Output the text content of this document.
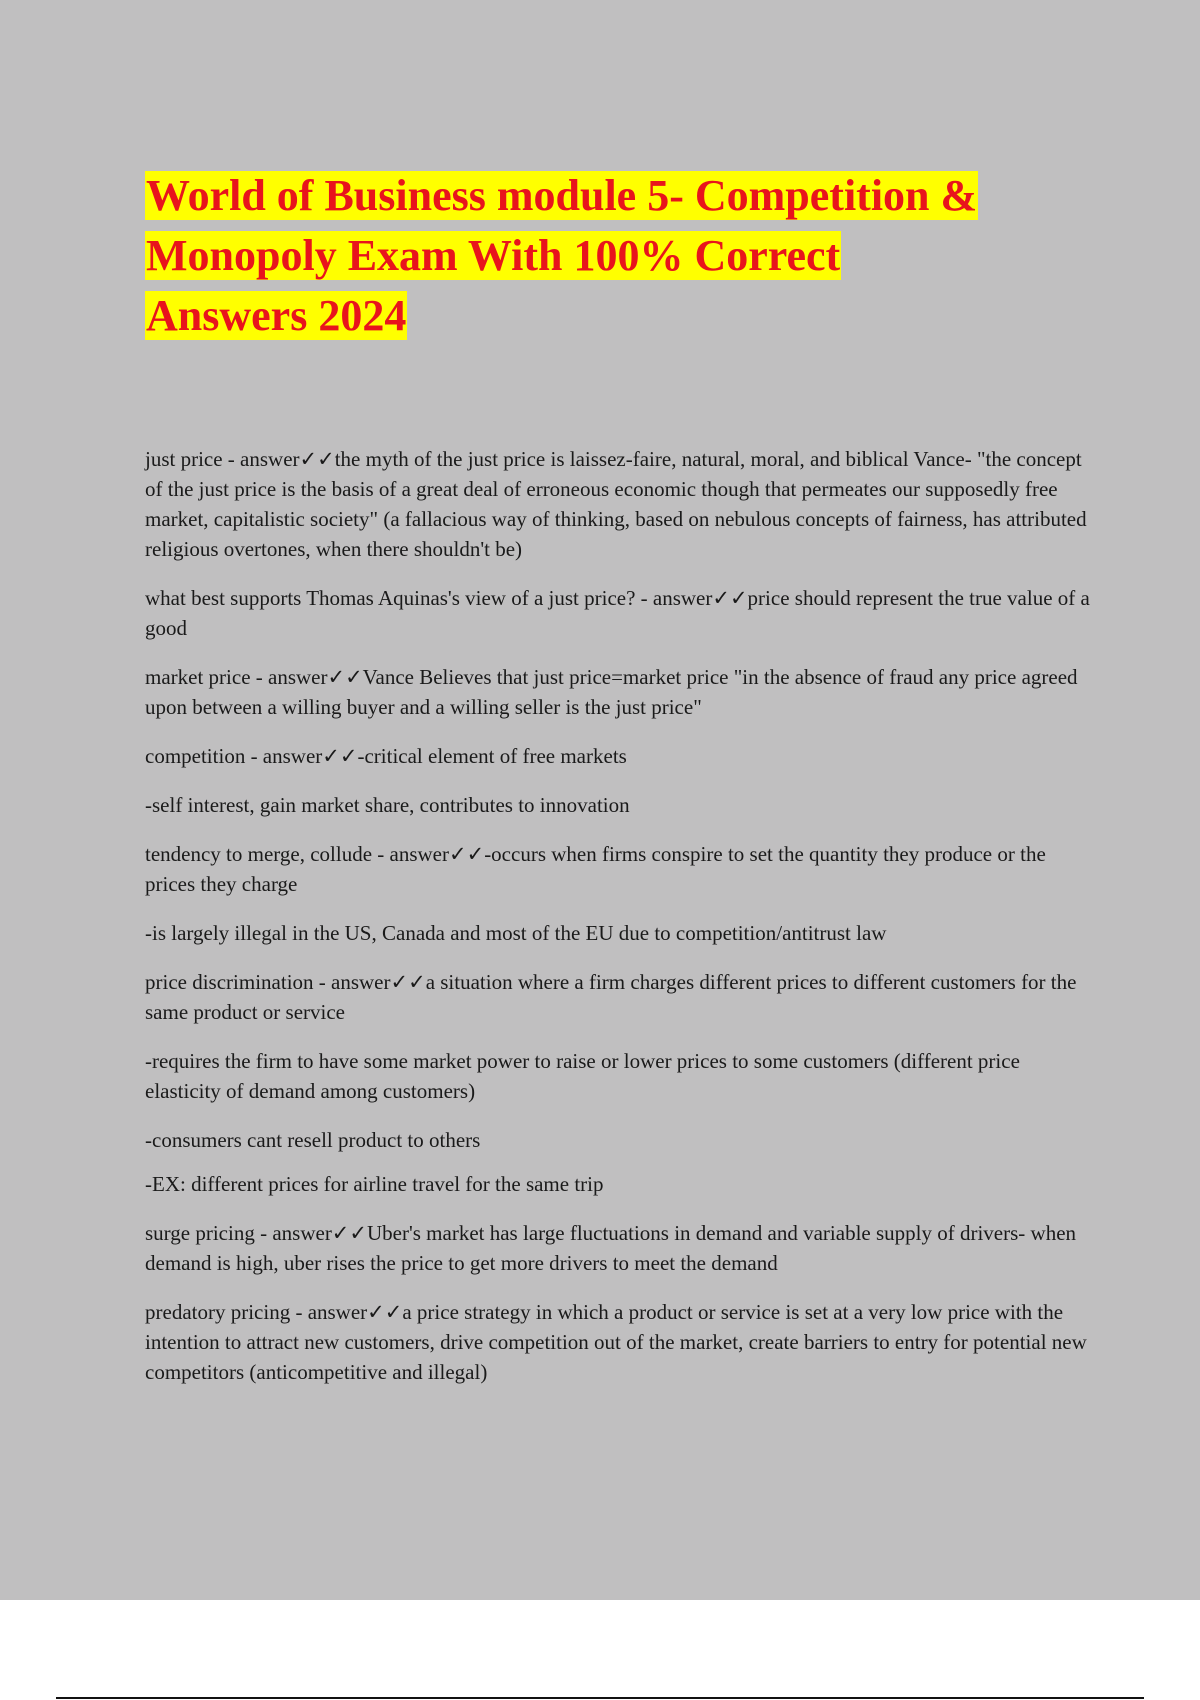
World of Business module 5- Competition &
Monopoly Exam With 100% Correct
Answers 2024

just price - answer✓✓the myth of the just price is laissez-faire, natural, moral, and biblical Vance- "the concept of the just price is the basis of a great deal of erroneous economic though that permeates our supposedly free market, capitalistic society" (a fallacious way of thinking, based on nebulous concepts of fairness, has attributed religious overtones, when there shouldn't be)

what best supports Thomas Aquinas's view of a just price? - answer✓✓price should represent the true value of a good

market price - answer✓✓Vance Believes that just price=market price "in the absence of fraud any price agreed upon between a willing buyer and a willing seller is the just price"

competition - answer✓✓-critical element of free markets

-self interest, gain market share, contributes to innovation

tendency to merge, collude - answer✓✓-occurs when firms conspire to set the quantity they produce or the prices they charge

-is largely illegal in the US, Canada and most of the EU due to competition/antitrust law

price discrimination - answer✓✓a situation where a firm charges different prices to different customers for the same product or service

-requires the firm to have some market power to raise or lower prices to some customers (different price elasticity of demand among customers)

-consumers cant resell product to others

-EX: different prices for airline travel for the same trip

surge pricing - answer✓✓Uber's market has large fluctuations in demand and variable supply of drivers- when demand is high, uber rises the price to get more drivers to meet the demand

predatory pricing - answer✓✓a price strategy in which a product or service is set at a very low price with the intention to attract new customers, drive competition out of the market, create barriers to entry for potential new competitors (anticompetitive and illegal)
